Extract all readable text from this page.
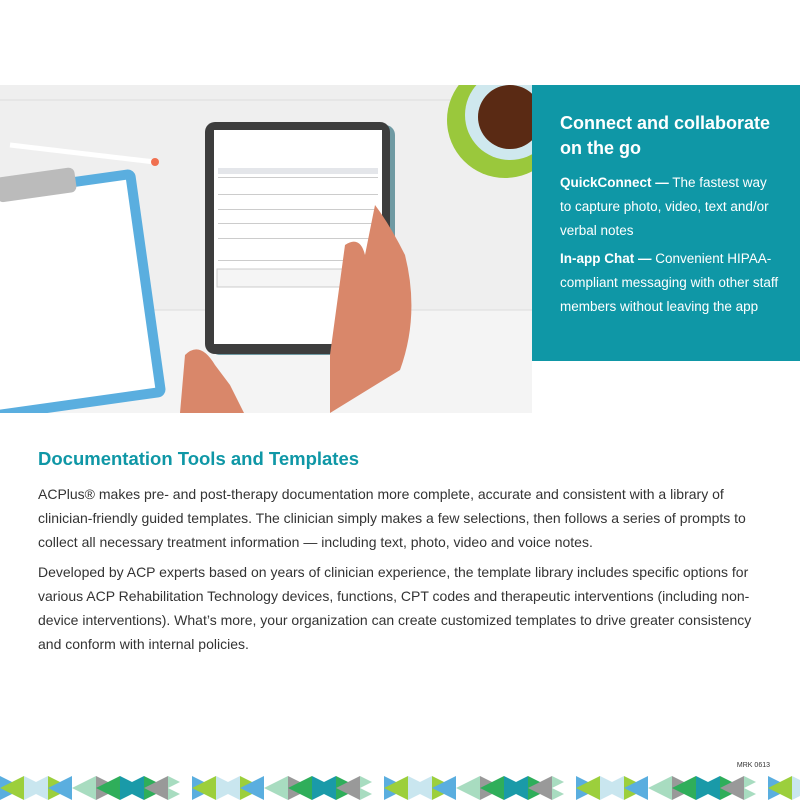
Connect and collaborate on the go

QuickConnect — The fastest way to capture photo, video, text and/or verbal notes

In-app Chat — Convenient HIPAA-compliant messaging with other staff members without leaving the app

Documentation Tools and Templates

ACPlus® makes pre- and post-therapy documentation more complete, accurate and consistent with a library of clinician-friendly guided templates. The clinician simply makes a few selections, then follows a series of prompts to collect all necessary treatment information — including text, photo, video and voice notes.

Developed by ACP experts based on years of clinician experience, the template library includes specific options for various ACP Rehabilitation Technology devices, functions, CPT codes and therapeutic interventions (including non-device interventions). What’s more, your organization can create customized templates to drive greater consistency and conform with internal policies.

MRK 0613
